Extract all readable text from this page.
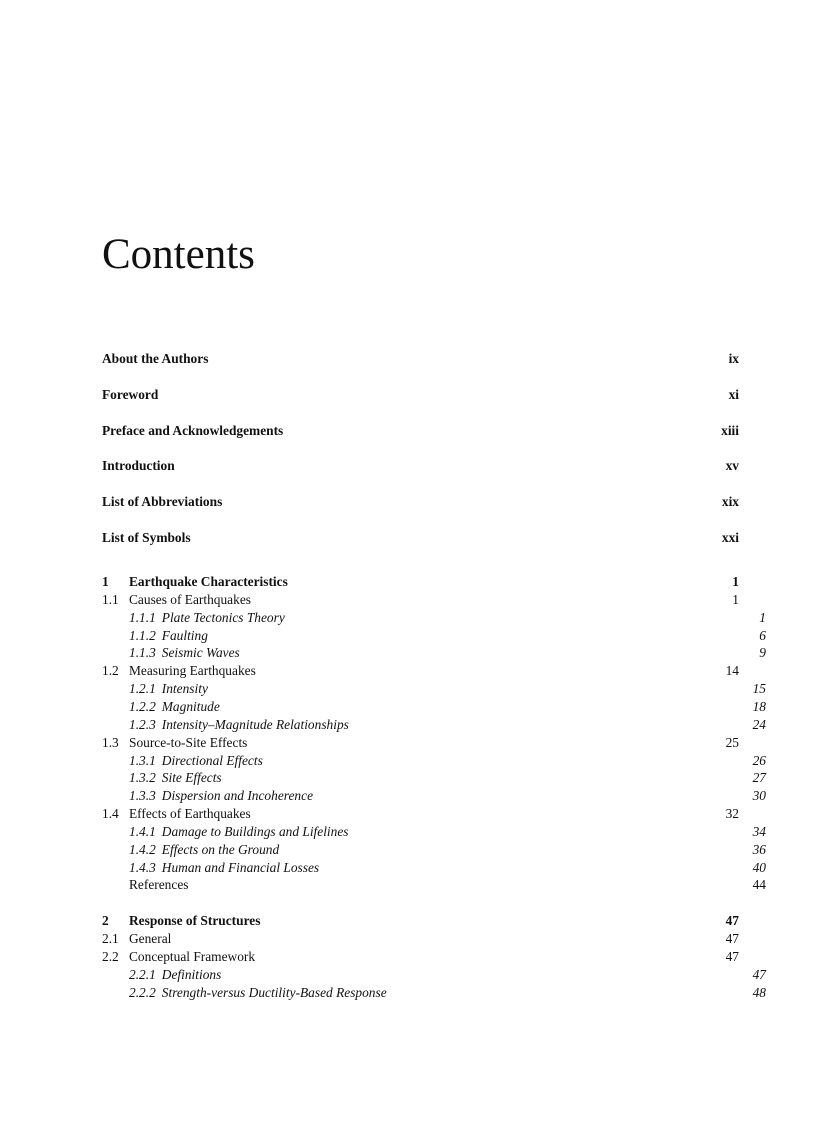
Contents
About the Authors	ix
Foreword	xi
Preface and Acknowledgements	xiii
Introduction	xv
List of Abbreviations	xix
List of Symbols	xxi
1 Earthquake Characteristics	1
1.1 Causes of Earthquakes	1
1.1.1 Plate Tectonics Theory	1
1.1.2 Faulting	6
1.1.3 Seismic Waves	9
1.2 Measuring Earthquakes	14
1.2.1 Intensity	15
1.2.2 Magnitude	18
1.2.3 Intensity–Magnitude Relationships	24
1.3 Source-to-Site Effects	25
1.3.1 Directional Effects	26
1.3.2 Site Effects	27
1.3.3 Dispersion and Incoherence	30
1.4 Effects of Earthquakes	32
1.4.1 Damage to Buildings and Lifelines	34
1.4.2 Effects on the Ground	36
1.4.3 Human and Financial Losses	40
References	44
2 Response of Structures	47
2.1 General	47
2.2 Conceptual Framework	47
2.2.1 Definitions	47
2.2.2 Strength-versus Ductility-Based Response	48
